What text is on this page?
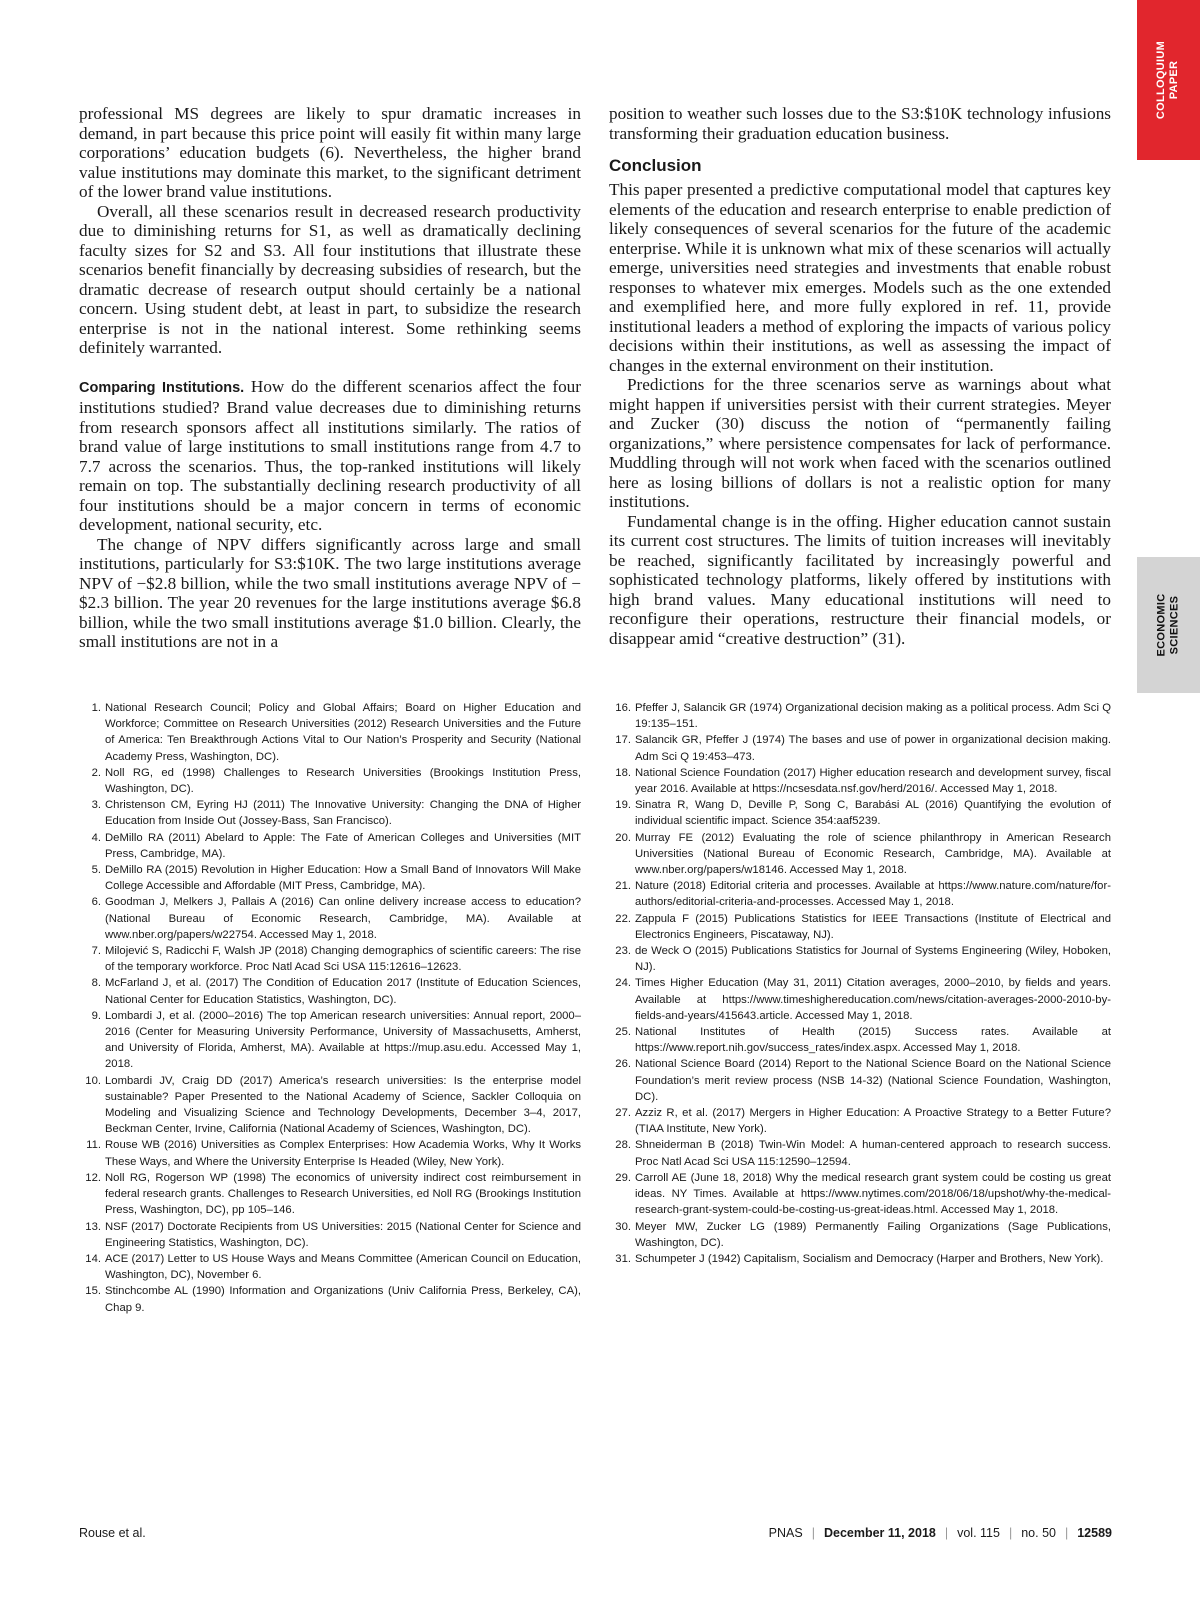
COLLOQUIUM PAPER
ECONOMIC SCIENCES

professional MS degrees are likely to spur dramatic increases in demand, in part because this price point will easily fit within many large corporations’ education budgets (6). Nevertheless, the higher brand value institutions may dominate this market, to the significant detriment of the lower brand value institutions.

Overall, all these scenarios result in decreased research productivity due to diminishing returns for S1, as well as dramatically declining faculty sizes for S2 and S3. All four institutions that illustrate these scenarios benefit financially by decreasing subsidies of research, but the dramatic decrease of research output should certainly be a national concern. Using student debt, at least in part, to subsidize the research enterprise is not in the national interest. Some rethinking seems definitely warranted.

Comparing Institutions. How do the different scenarios affect the four institutions studied? Brand value decreases due to diminishing returns from research sponsors affect all institutions similarly. The ratios of brand value of large institutions to small institutions range from 4.7 to 7.7 across the scenarios. Thus, the top-ranked institutions will likely remain on top. The substantially declining research productivity of all four institutions should be a major concern in terms of economic development, national security, etc.

The change of NPV differs significantly across large and small institutions, particularly for S3:$10K. The two large institutions average NPV of −$2.8 billion, while the two small institutions average NPV of −$2.3 billion. The year 20 revenues for the large institutions average $6.8 billion, while the two small institutions average $1.0 billion. Clearly, the small institutions are not in a

position to weather such losses due to the S3:$10K technology infusions transforming their graduation education business.

Conclusion

This paper presented a predictive computational model that captures key elements of the education and research enterprise to enable prediction of likely consequences of several scenarios for the future of the academic enterprise. While it is unknown what mix of these scenarios will actually emerge, universities need strategies and investments that enable robust responses to whatever mix emerges. Models such as the one extended and exemplified here, and more fully explored in ref. 11, provide institutional leaders a method of exploring the impacts of various policy decisions within their institutions, as well as assessing the impact of changes in the external environment on their institution.

Predictions for the three scenarios serve as warnings about what might happen if universities persist with their current strategies. Meyer and Zucker (30) discuss the notion of “permanently failing organizations,” where persistence compensates for lack of performance. Muddling through will not work when faced with the scenarios outlined here as losing billions of dollars is not a realistic option for many institutions.

Fundamental change is in the offing. Higher education cannot sustain its current cost structures. The limits of tuition increases will inevitably be reached, significantly facilitated by increasingly powerful and sophisticated technology platforms, likely offered by institutions with high brand values. Many educational institutions will need to reconfigure their operations, restructure their financial models, or disappear amid “creative destruction” (31).

1. National Research Council; Policy and Global Affairs; Board on Higher Education and Workforce; Committee on Research Universities (2012) Research Universities and the Future of America: Ten Breakthrough Actions Vital to Our Nation’s Prosperity and Security (National Academy Press, Washington, DC).
2. Noll RG, ed (1998) Challenges to Research Universities (Brookings Institution Press, Washington, DC).
3. Christenson CM, Eyring HJ (2011) The Innovative University: Changing the DNA of Higher Education from Inside Out (Jossey-Bass, San Francisco).
4. DeMillo RA (2011) Abelard to Apple: The Fate of American Colleges and Universities (MIT Press, Cambridge, MA).
5. DeMillo RA (2015) Revolution in Higher Education: How a Small Band of Innovators Will Make College Accessible and Affordable (MIT Press, Cambridge, MA).
6. Goodman J, Melkers J, Pallais A (2016) Can online delivery increase access to education? (National Bureau of Economic Research, Cambridge, MA). Available at www.nber.org/papers/w22754. Accessed May 1, 2018.
7. Milojević S, Radicchi F, Walsh JP (2018) Changing demographics of scientific careers: The rise of the temporary workforce. Proc Natl Acad Sci USA 115:12616–12623.
8. McFarland J, et al. (2017) The Condition of Education 2017 (Institute of Education Sciences, National Center for Education Statistics, Washington, DC).
9. Lombardi J, et al. (2000–2016) The top American research universities: Annual report, 2000–2016 (Center for Measuring University Performance, University of Massachusetts, Amherst, and University of Florida, Amherst, MA). Available at https://mup.asu.edu. Accessed May 1, 2018.
10. Lombardi JV, Craig DD (2017) America’s research universities: Is the enterprise model sustainable? Paper Presented to the National Academy of Science, Sackler Colloquia on Modeling and Visualizing Science and Technology Developments, December 3–4, 2017, Beckman Center, Irvine, California (National Academy of Sciences, Washington, DC).
11. Rouse WB (2016) Universities as Complex Enterprises: How Academia Works, Why It Works These Ways, and Where the University Enterprise Is Headed (Wiley, New York).
12. Noll RG, Rogerson WP (1998) The economics of university indirect cost reimbursement in federal research grants. Challenges to Research Universities, ed Noll RG (Brookings Institution Press, Washington, DC), pp 105–146.
13. NSF (2017) Doctorate Recipients from US Universities: 2015 (National Center for Science and Engineering Statistics, Washington, DC).
14. ACE (2017) Letter to US House Ways and Means Committee (American Council on Education, Washington, DC), November 6.
15. Stinchcombe AL (1990) Information and Organizations (Univ California Press, Berkeley, CA), Chap 9.
16. Pfeffer J, Salancik GR (1974) Organizational decision making as a political process. Adm Sci Q 19:135–151.
17. Salancik GR, Pfeffer J (1974) The bases and use of power in organizational decision making. Adm Sci Q 19:453–473.
18. National Science Foundation (2017) Higher education research and development survey, fiscal year 2016. Available at https://ncsesdata.nsf.gov/herd/2016/. Accessed May 1, 2018.
19. Sinatra R, Wang D, Deville P, Song C, Barabási AL (2016) Quantifying the evolution of individual scientific impact. Science 354:aaf5239.
20. Murray FE (2012) Evaluating the role of science philanthropy in American Research Universities (National Bureau of Economic Research, Cambridge, MA). Available at www.nber.org/papers/w18146. Accessed May 1, 2018.
21. Nature (2018) Editorial criteria and processes. Available at https://www.nature.com/nature/for-authors/editorial-criteria-and-processes. Accessed May 1, 2018.
22. Zappula F (2015) Publications Statistics for IEEE Transactions (Institute of Electrical and Electronics Engineers, Piscataway, NJ).
23. de Weck O (2015) Publications Statistics for Journal of Systems Engineering (Wiley, Hoboken, NJ).
24. Times Higher Education (May 31, 2011) Citation averages, 2000–2010, by fields and years. Available at https://www.timeshighereducation.com/news/citation-averages-2000-2010-by-fields-and-years/415643.article. Accessed May 1, 2018.
25. National Institutes of Health (2015) Success rates. Available at https://www.report.nih.gov/success_rates/index.aspx. Accessed May 1, 2018.
26. National Science Board (2014) Report to the National Science Board on the National Science Foundation’s merit review process (NSB 14-32) (National Science Foundation, Washington, DC).
27. Azziz R, et al. (2017) Mergers in Higher Education: A Proactive Strategy to a Better Future? (TIAA Institute, New York).
28. Shneiderman B (2018) Twin-Win Model: A human-centered approach to research success. Proc Natl Acad Sci USA 115:12590–12594.
29. Carroll AE (June 18, 2018) Why the medical research grant system could be costing us great ideas. NY Times. Available at https://www.nytimes.com/2018/06/18/upshot/why-the-medical-research-grant-system-could-be-costing-us-great-ideas.html. Accessed May 1, 2018.
30. Meyer MW, Zucker LG (1989) Permanently Failing Organizations (Sage Publications, Washington, DC).
31. Schumpeter J (1942) Capitalism, Socialism and Democracy (Harper and Brothers, New York).
Rouse et al.	PNAS | December 11, 2018 | vol. 115 | no. 50 | 12589
